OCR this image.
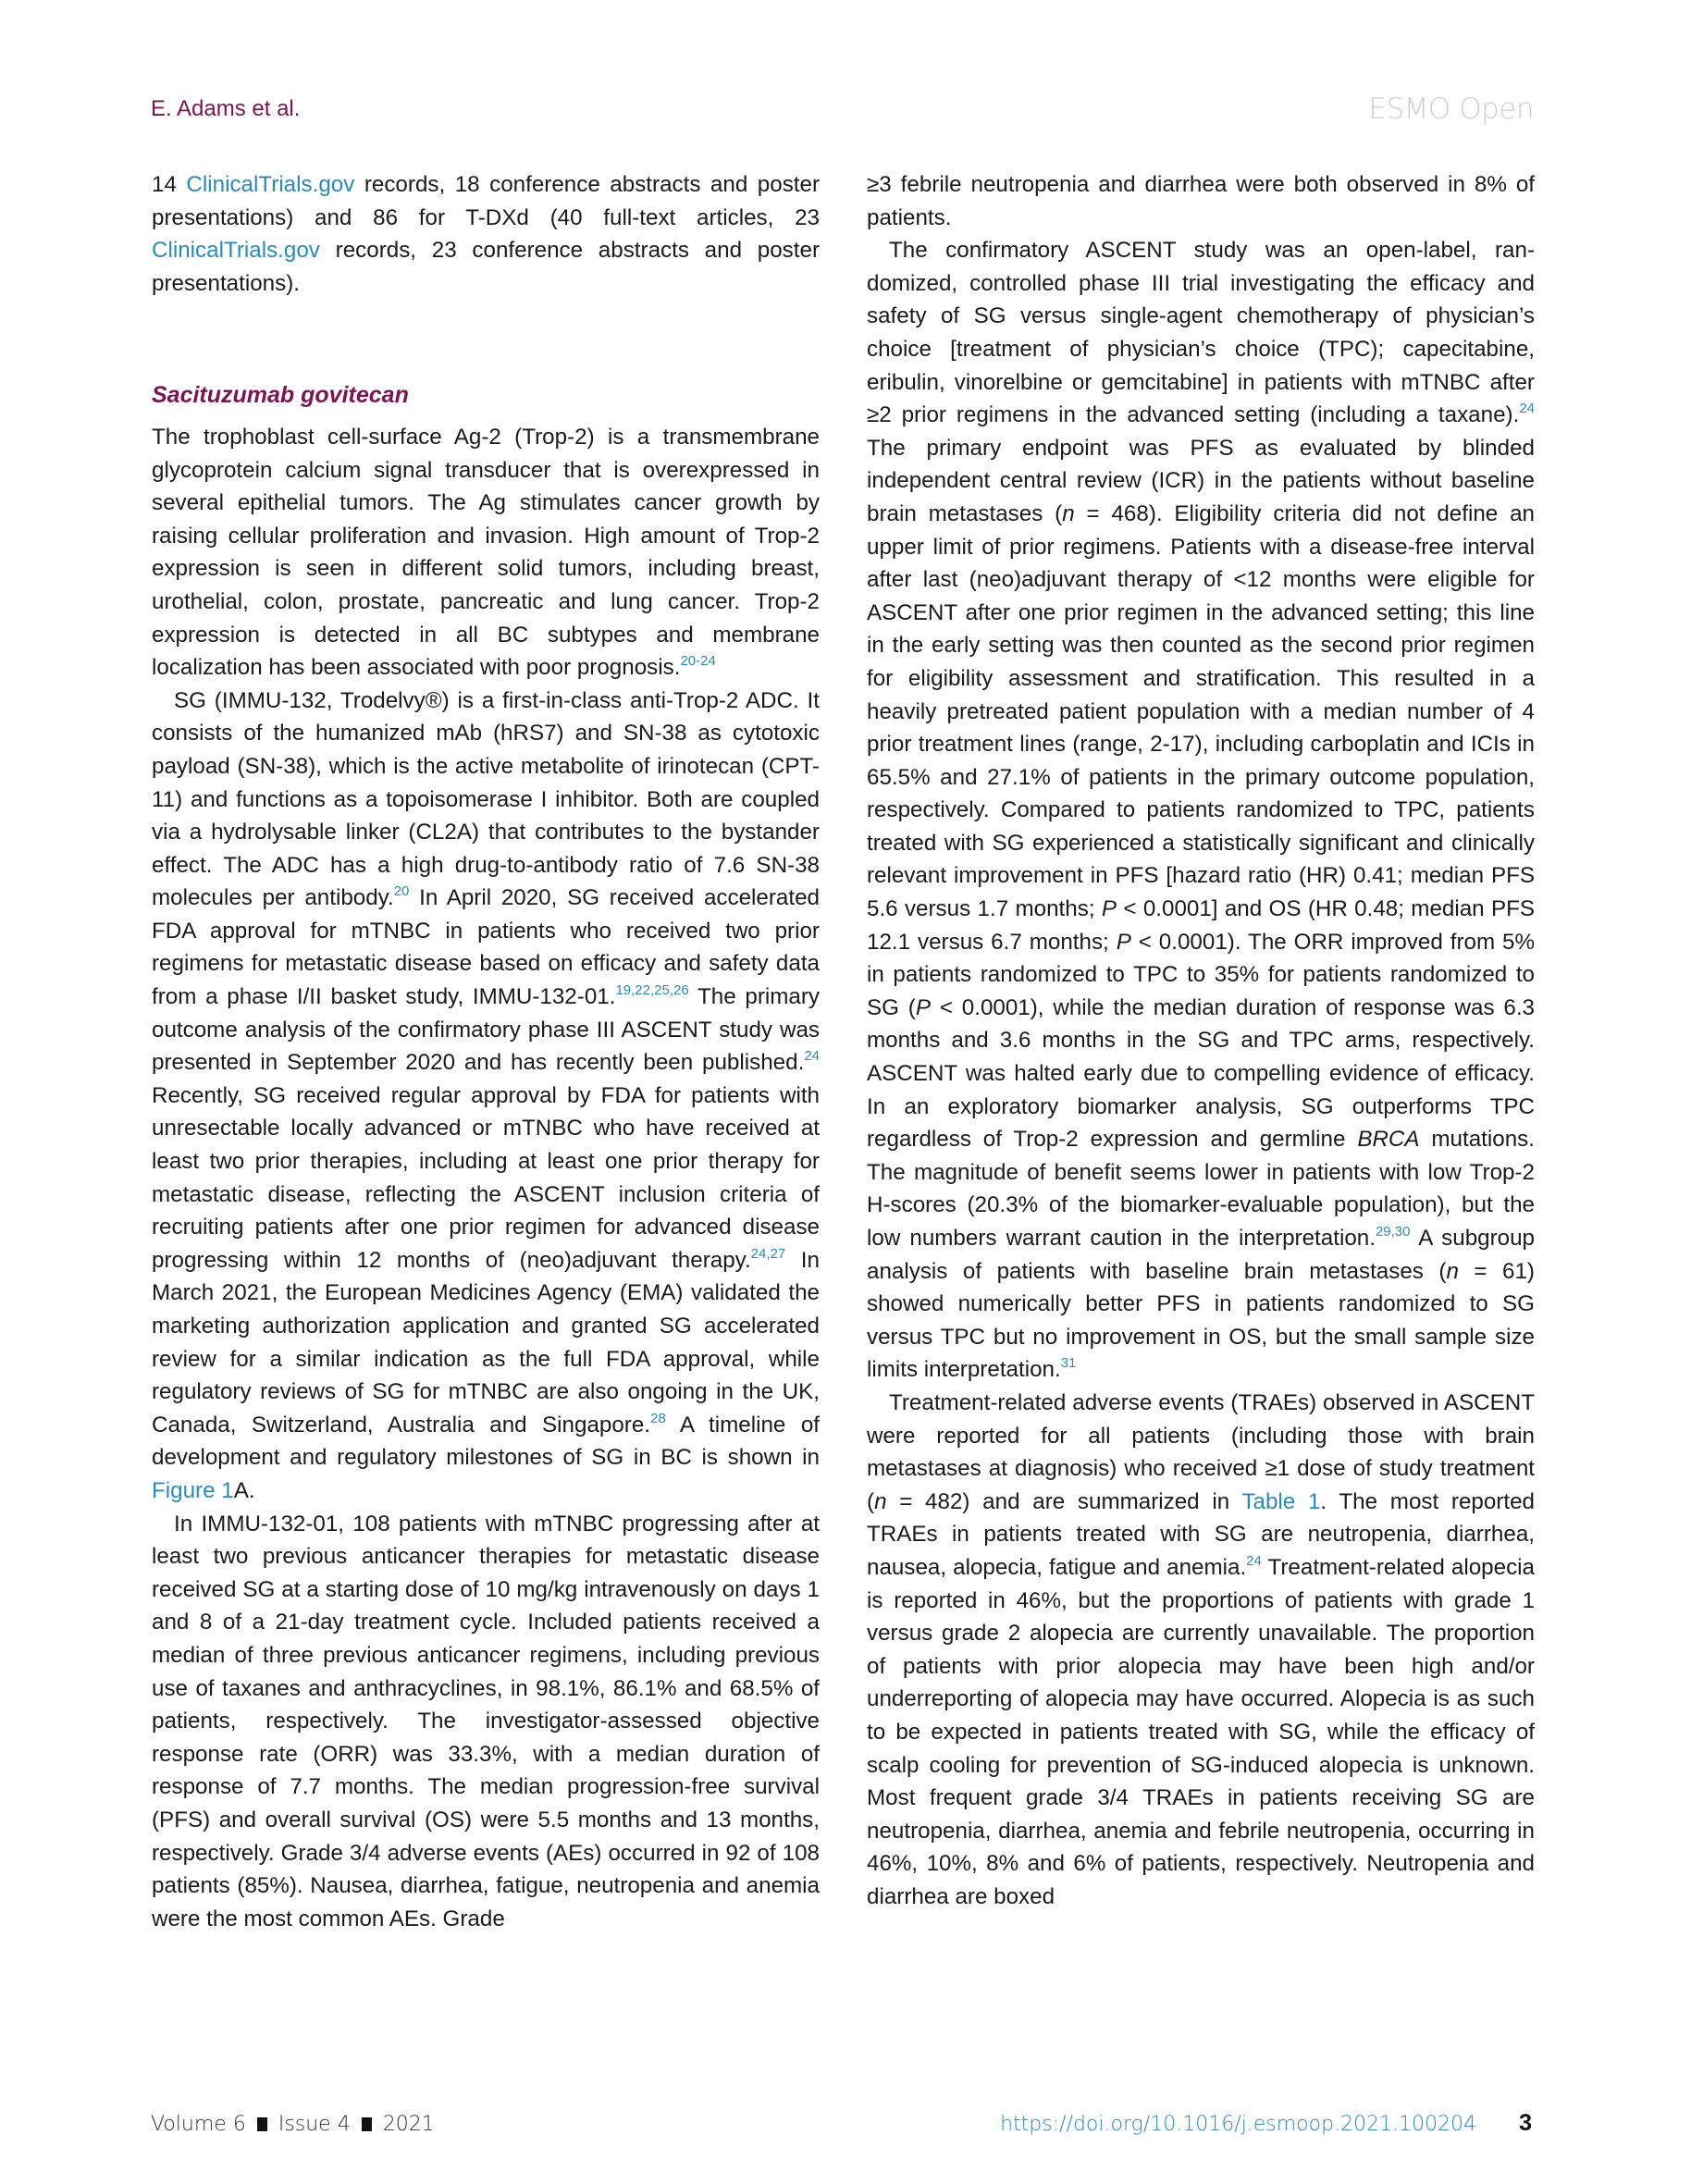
E. Adams et al.	ESMO Open

14 ClinicalTrials.gov records, 18 conference abstracts and poster presentations) and 86 for T-DXd (40 full-text articles, 23 ClinicalTrials.gov records, 23 conference abstracts and poster presentations).

Sacituzumab govitecan

The trophoblast cell-surface Ag-2 (Trop-2) is a transmembrane glycoprotein calcium signal transducer that is overexpressed in several epithelial tumors. The Ag stimulates cancer growth by raising cellular proliferation and invasion. High amount of Trop-2 expression is seen in different solid tumors, including breast, urothelial, colon, prostate, pancreatic and lung cancer. Trop-2 expression is detected in all BC subtypes and membrane localization has been associated with poor prognosis.$^{20-24}$

SG (IMMU-132, Trodelvy®) is a first-in-class anti-Trop-2 ADC. It consists of the humanized mAb (hRS7) and SN-38 as cytotoxic payload (SN-38), which is the active metabolite of irinotecan (CPT-11) and functions as a topoisomerase I inhibitor. Both are coupled via a hydrolysable linker (CL2A) that contributes to the bystander effect. The ADC has a high drug-to-antibody ratio of 7.6 SN-38 molecules per antibody.$^{20}$ In April 2020, SG received accelerated FDA approval for mTNBC in patients who received two prior regimens for metastatic disease based on efficacy and safety data from a phase I/II basket study, IMMU-132-01.$^{19,22,25,26}$ The primary outcome analysis of the confirmatory phase III ASCENT study was presented in September 2020 and has recently been published.$^{24}$ Recently, SG received regular approval by FDA for patients with unresectable locally advanced or mTNBC who have received at least two prior therapies, including at least one prior therapy for metastatic disease, reflecting the ASCENT inclusion criteria of recruiting patients after one prior regimen for advanced disease progressing within 12 months of (neo)adjuvant therapy.$^{24,27}$ In March 2021, the European Medicines Agency (EMA) validated the marketing authorization application and granted SG accelerated review for a similar indication as the full FDA approval, while regulatory reviews of SG for mTNBC are also ongoing in the UK, Canada, Switzerland, Australia and Singapore.$^{28}$ A timeline of development and regulatory milestones of SG in BC is shown in Figure 1A.

In IMMU-132-01, 108 patients with mTNBC progressing after at least two previous anticancer therapies for metastatic disease received SG at a starting dose of 10 mg/kg intravenously on days 1 and 8 of a 21-day treatment cycle. Included patients received a median of three previous anticancer regimens, including previous use of taxanes and anthracyclines, in 98.1%, 86.1% and 68.5% of patients, respectively. The investigator-assessed objective response rate (ORR) was 33.3%, with a median duration of response of 7.7 months. The median progression-free survival (PFS) and overall survival (OS) were 5.5 months and 13 months, respectively. Grade 3/4 adverse events (AEs) occurred in 92 of 108 patients (85%). Nausea, diarrhea, fatigue, neutropenia and anemia were the most common AEs. Grade

≥3 febrile neutropenia and diarrhea were both observed in 8% of patients.

The confirmatory ASCENT study was an open-label, randomized, controlled phase III trial investigating the efficacy and safety of SG versus single-agent chemotherapy of physician’s choice [treatment of physician’s choice (TPC); capecitabine, eribulin, vinorelbine or gemcitabine] in patients with mTNBC after ≥2 prior regimens in the advanced setting (including a taxane).$^{24}$ The primary endpoint was PFS as evaluated by blinded independent central review (ICR) in the patients without baseline brain metastases (n = 468). Eligibility criteria did not define an upper limit of prior regimens. Patients with a disease-free interval after last (neo)adjuvant therapy of <12 months were eligible for ASCENT after one prior regimen in the advanced setting; this line in the early setting was then counted as the second prior regimen for eligibility assessment and stratification. This resulted in a heavily pretreated patient population with a median number of 4 prior treatment lines (range, 2-17), including carboplatin and ICIs in 65.5% and 27.1% of patients in the primary outcome population, respectively. Compared to patients randomized to TPC, patients treated with SG experienced a statistically significant and clinically relevant improvement in PFS [hazard ratio (HR) 0.41; median PFS 5.6 versus 1.7 months; P < 0.0001] and OS (HR 0.48; median PFS 12.1 versus 6.7 months; P < 0.0001). The ORR improved from 5% in patients randomized to TPC to 35% for patients randomized to SG (P < 0.0001), while the median duration of response was 6.3 months and 3.6 months in the SG and TPC arms, respectively. ASCENT was halted early due to compelling evidence of efficacy. In an exploratory biomarker analysis, SG outperforms TPC regardless of Trop-2 expression and germline BRCA mutations. The magnitude of benefit seems lower in patients with low Trop-2 H-scores (20.3% of the biomarker-evaluable population), but the low numbers warrant caution in the interpretation.$^{29,30}$ A subgroup analysis of patients with baseline brain metastases (n = 61) showed numerically better PFS in patients randomized to SG versus TPC but no improvement in OS, but the small sample size limits interpretation.$^{31}$

Treatment-related adverse events (TRAEs) observed in ASCENT were reported for all patients (including those with brain metastases at diagnosis) who received ≥1 dose of study treatment (n = 482) and are summarized in Table 1. The most reported TRAEs in patients treated with SG are neutropenia, diarrhea, nausea, alopecia, fatigue and anemia.$^{24}$ Treatment-related alopecia is reported in 46%, but the proportions of patients with grade 1 versus grade 2 alopecia are currently unavailable. The proportion of patients with prior alopecia may have been high and/or underreporting of alopecia may have occurred. Alopecia is as such to be expected in patients treated with SG, while the efficacy of scalp cooling for prevention of SG-induced alopecia is unknown. Most frequent grade 3/4 TRAEs in patients receiving SG are neutropenia, diarrhea, anemia and febrile neutropenia, occurring in 46%, 10%, 8% and 6% of patients, respectively. Neutropenia and diarrhea are boxed

Volume 6 Issue 4 2021	https://doi.org/10.1016/j.esmoop.2021.100204 3
